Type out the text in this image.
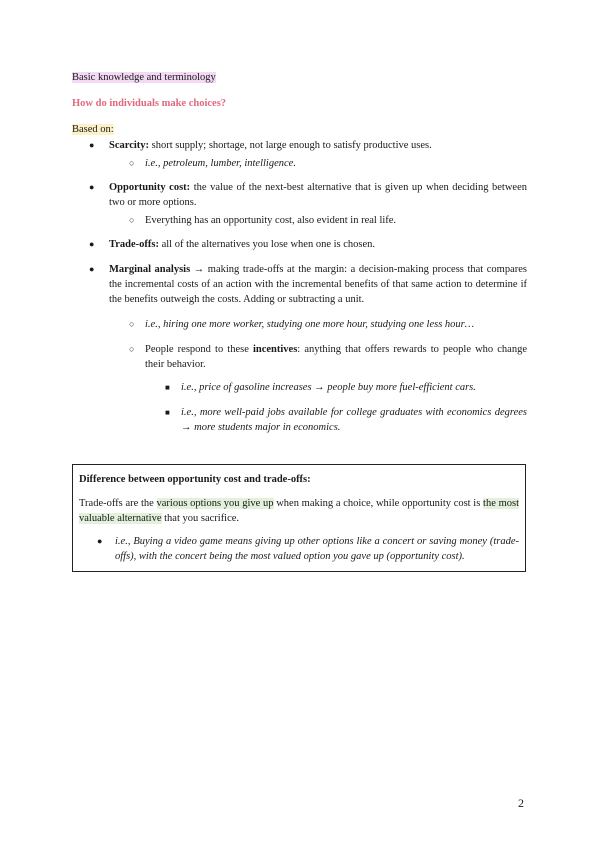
Basic knowledge and terminology
How do individuals make choices?
Based on:
● Scarcity: short supply; shortage, not large enough to satisfy productive uses.
○ i.e., petroleum, lumber, intelligence.
● Opportunity cost: the value of the next-best alternative that is given up when deciding between two or more options.
○ Everything has an opportunity cost, also evident in real life.
● Trade-offs: all of the alternatives you lose when one is chosen.
● Marginal analysis → making trade-offs at the margin: a decision-making process that compares the incremental costs of an action with the incremental benefits of that same action to determine if the benefits outweigh the costs. Adding or subtracting a unit.
○ i.e., hiring one more worker, studying one more hour, studying one less hour…
○ People respond to these incentives: anything that offers rewards to people who change their behavior.
■ i.e., price of gasoline increases → people buy more fuel-efficient cars.
■ i.e., more well-paid jobs available for college graduates with economics degrees → more students major in economics.
Difference between opportunity cost and trade-offs:
Trade-offs are the various options you give up when making a choice, while opportunity cost is the most valuable alternative that you sacrifice.
● i.e., Buying a video game means giving up other options like a concert or saving money (trade-offs), with the concert being the most valued option you gave up (opportunity cost).
2
